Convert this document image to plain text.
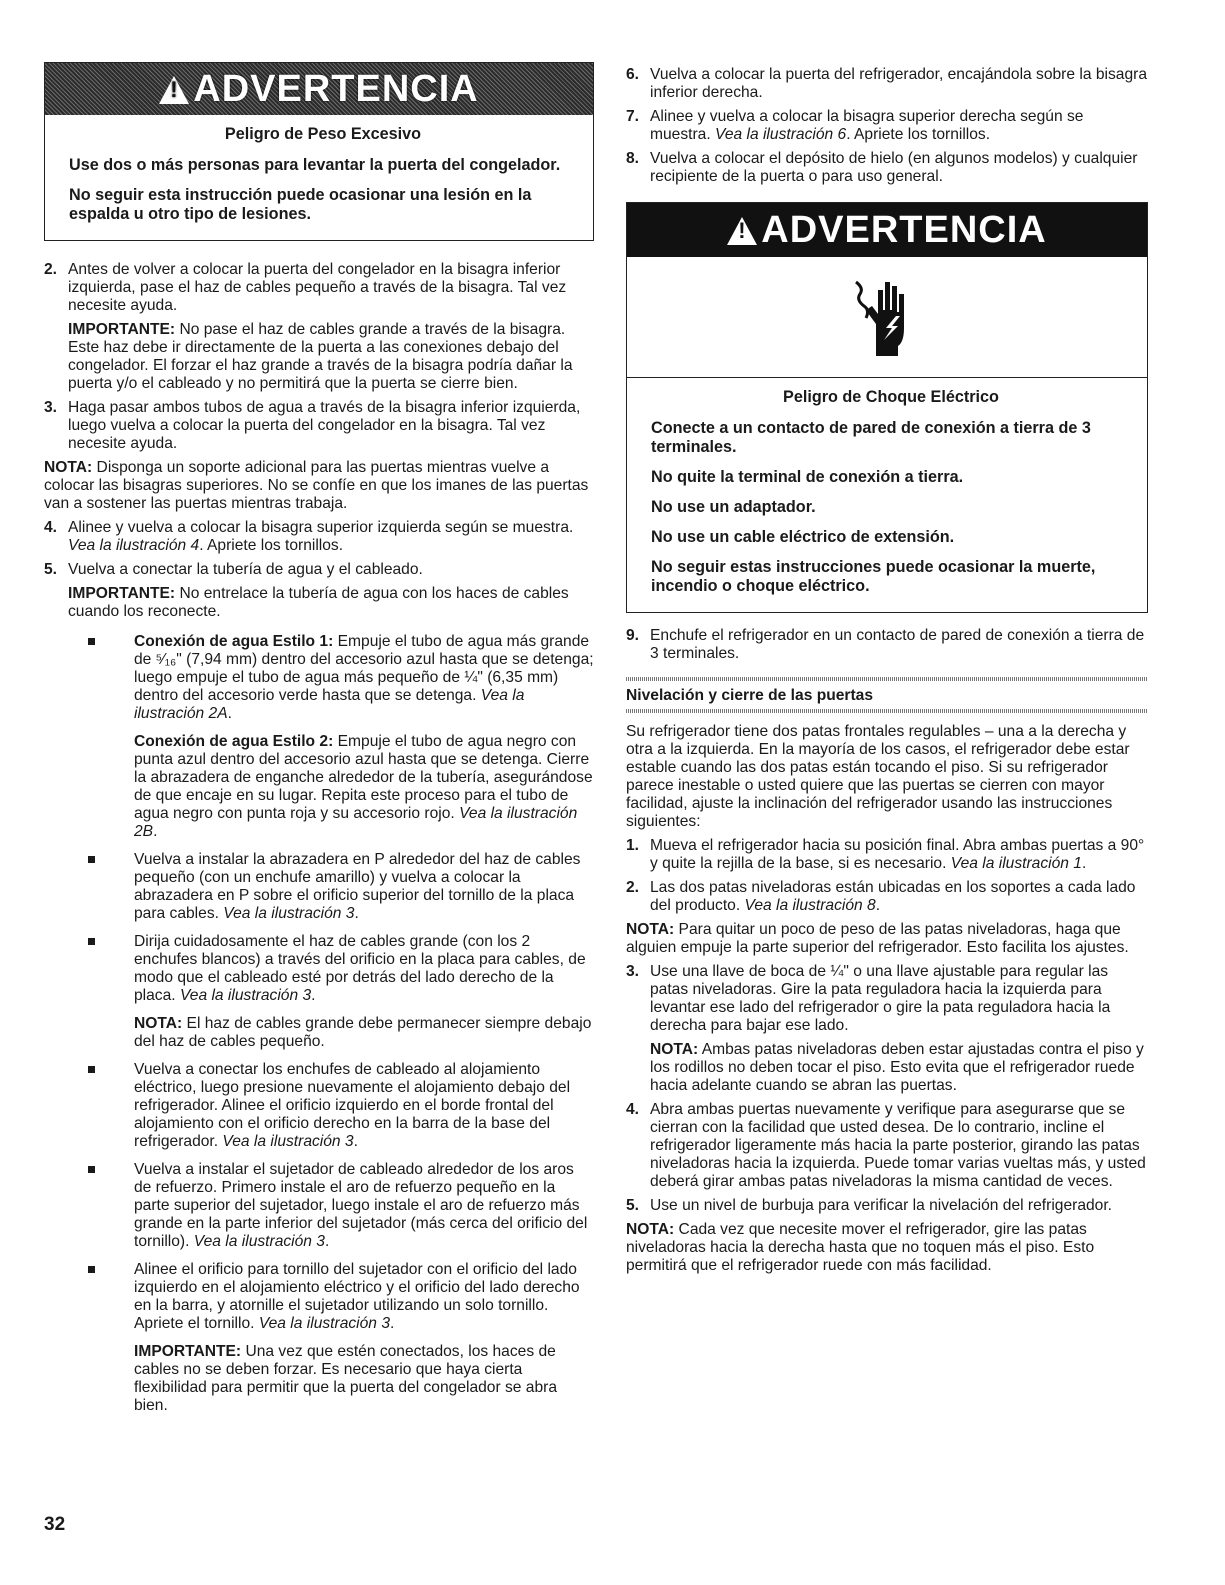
!
ADVERTENCIA

Peligro de Peso Excesivo

Use dos o más personas para levantar la puerta del congelador.

No seguir esta instrucción puede ocasionar una lesión en la espalda u otro tipo de lesiones.

2. Antes de volver a colocar la puerta del congelador en la bisagra inferior izquierda, pase el haz de cables pequeño a través de la bisagra. Tal vez necesite ayuda.
IMPORTANTE: No pase el haz de cables grande a través de la bisagra. Este haz debe ir directamente de la puerta a las conexiones debajo del congelador. El forzar el haz grande a través de la bisagra podría dañar la puerta y/o el cableado y no permitirá que la puerta se cierre bien.
3. Haga pasar ambos tubos de agua a través de la bisagra inferior izquierda, luego vuelva a colocar la puerta del congelador en la bisagra. Tal vez necesite ayuda.
NOTA: Disponga un soporte adicional para las puertas mientras vuelve a colocar las bisagras superiores. No se confíe en que los imanes de las puertas van a sostener las puertas mientras trabaja.
4. Alinee y vuelva a colocar la bisagra superior izquierda según se muestra. Vea la ilustración 4. Apriete los tornillos.
5. Vuelva a conectar la tubería de agua y el cableado.
IMPORTANTE: No entrelace la tubería de agua con los haces de cables cuando los reconecte.
Conexión de agua Estilo 1: Empuje el tubo de agua más grande de ⁵⁄₁₆" (7,94 mm) dentro del accesorio azul hasta que se detenga; luego empuje el tubo de agua más pequeño de ¼" (6,35 mm) dentro del accesorio verde hasta que se detenga. Vea la ilustración 2A.
Conexión de agua Estilo 2: Empuje el tubo de agua negro con punta azul dentro del accesorio azul hasta que se detenga. Cierre la abrazadera de enganche alrededor de la tubería, asegurándose de que encaje en su lugar. Repita este proceso para el tubo de agua negro con punta roja y su accesorio rojo. Vea la ilustración 2B.
Vuelva a instalar la abrazadera en P alrededor del haz de cables pequeño (con un enchufe amarillo) y vuelva a colocar la abrazadera en P sobre el orificio superior del tornillo de la placa para cables. Vea la ilustración 3.
Dirija cuidadosamente el haz de cables grande (con los 2 enchufes blancos) a través del orificio en la placa para cables, de modo que el cableado esté por detrás del lado derecho de la placa. Vea la ilustración 3.
NOTA: El haz de cables grande debe permanecer siempre debajo del haz de cables pequeño.
Vuelva a conectar los enchufes de cableado al alojamiento eléctrico, luego presione nuevamente el alojamiento debajo del refrigerador. Alinee el orificio izquierdo en el borde frontal del alojamiento con el orificio derecho en la barra de la base del refrigerador. Vea la ilustración 3.
Vuelva a instalar el sujetador de cableado alrededor de los aros de refuerzo. Primero instale el aro de refuerzo pequeño en la parte superior del sujetador, luego instale el aro de refuerzo más grande en la parte inferior del sujetador (más cerca del orificio del tornillo). Vea la ilustración 3.
Alinee el orificio para tornillo del sujetador con el orificio del lado izquierdo en el alojamiento eléctrico y el orificio del lado derecho en la barra, y atornille el sujetador utilizando un solo tornillo. Apriete el tornillo. Vea la ilustración 3.
IMPORTANTE: Una vez que estén conectados, los haces de cables no se deben forzar. Es necesario que haya cierta flexibilidad para permitir que la puerta del congelador se abra bien.
6. Vuelva a colocar la puerta del refrigerador, encajándola sobre la bisagra inferior derecha.
7. Alinee y vuelva a colocar la bisagra superior derecha según se muestra. Vea la ilustración 6. Apriete los tornillos.
8. Vuelva a colocar el depósito de hielo (en algunos modelos) y cualquier recipiente de la puerta o para uso general.
!
ADVERTENCIA

Peligro de Choque Eléctrico

Conecte a un contacto de pared de conexión a tierra de 3 terminales.

No quite la terminal de conexión a tierra.

No use un adaptador.

No use un cable eléctrico de extensión.

No seguir estas instrucciones puede ocasionar la muerte, incendio o choque eléctrico.

9. Enchufe el refrigerador en un contacto de pared de conexión a tierra de 3 terminales.
Nivelación y cierre de las puertas
Su refrigerador tiene dos patas frontales regulables – una a la derecha y otra a la izquierda. En la mayoría de los casos, el refrigerador debe estar estable cuando las dos patas están tocando el piso. Si su refrigerador parece inestable o usted quiere que las puertas se cierren con mayor facilidad, ajuste la inclinación del refrigerador usando las instrucciones siguientes:
1. Mueva el refrigerador hacia su posición final. Abra ambas puertas a 90° y quite la rejilla de la base, si es necesario. Vea la ilustración 1.
2. Las dos patas niveladoras están ubicadas en los soportes a cada lado del producto. Vea la ilustración 8.
NOTA: Para quitar un poco de peso de las patas niveladoras, haga que alguien empuje la parte superior del refrigerador. Esto facilita los ajustes.
3. Use una llave de boca de ¼" o una llave ajustable para regular las patas niveladoras. Gire la pata reguladora hacia la izquierda para levantar ese lado del refrigerador o gire la pata reguladora hacia la derecha para bajar ese lado.
NOTA: Ambas patas niveladoras deben estar ajustadas contra el piso y los rodillos no deben tocar el piso. Esto evita que el refrigerador ruede hacia adelante cuando se abran las puertas.
4. Abra ambas puertas nuevamente y verifique para asegurarse que se cierran con la facilidad que usted desea. De lo contrario, incline el refrigerador ligeramente más hacia la parte posterior, girando las patas niveladoras hacia la izquierda. Puede tomar varias vueltas más, y usted deberá girar ambas patas niveladoras la misma cantidad de veces.
5. Use un nivel de burbuja para verificar la nivelación del refrigerador.
NOTA: Cada vez que necesite mover el refrigerador, gire las patas niveladoras hacia la derecha hasta que no toquen más el piso. Esto permitirá que el refrigerador ruede con más facilidad.
32
